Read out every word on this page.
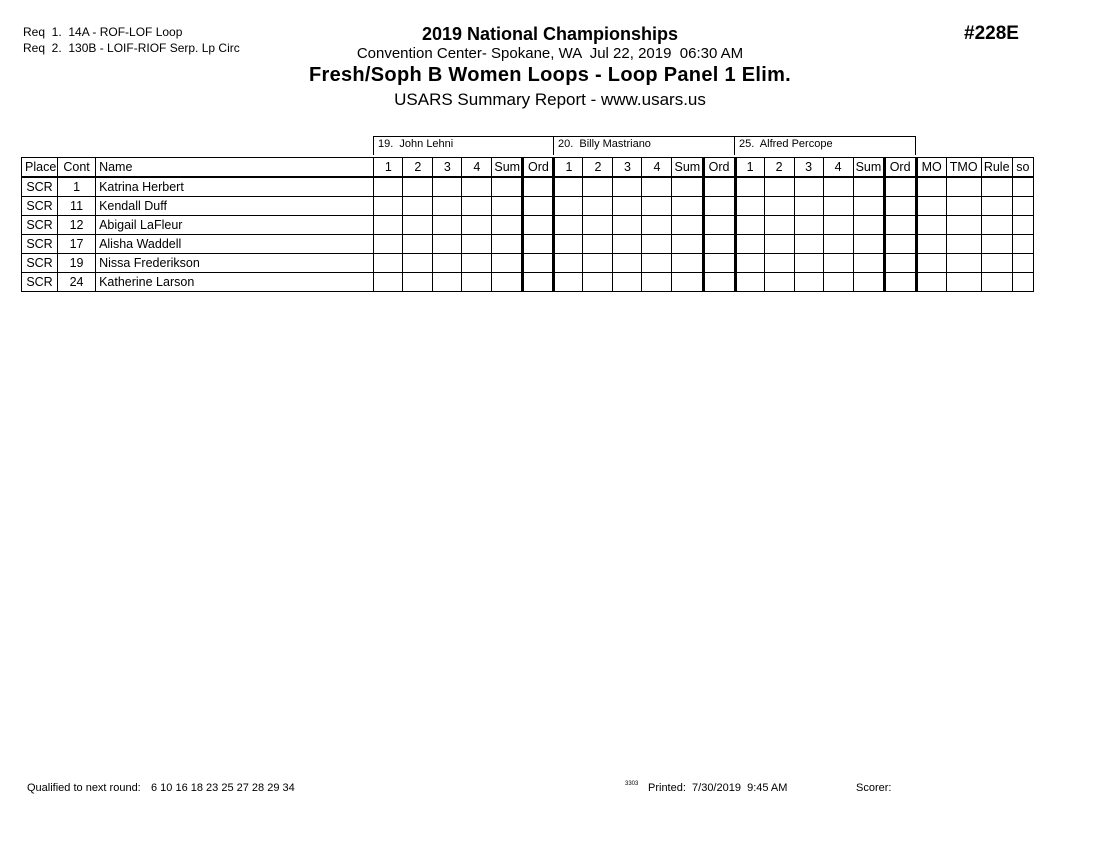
Req  1.  14A - ROF-LOF Loop
Req  2.  130B - LOIF-RIOF Serp. Lp Circ
2019 National Championships
Convention Center- Spokane, WA  Jul 22, 2019  06:30 AM
Fresh/Soph B Women Loops - Loop Panel 1 Elim.
USARS Summary Report - www.usars.us
#228E
19.  John Lehni	20.  Billy Mastriano	25.  Alfred Percope
Place	Cont	Name	1	2	3	4	Sum	Ord	1	2	3	4	Sum	Ord	1	2	3	4	Sum	Ord	MO	TMO	Rule	so
SCR	1	Katrina Herbert																						
SCR	11	Kendall Duff																						
SCR	12	Abigail LaFleur																						
SCR	17	Alisha Waddell																						
SCR	19	Nissa Frederikson																						
SCR	24	Katherine Larson																						
Qualified to next round: 6 10 16 18 23 25 27 28 29 34	3303 Printed:  7/30/2019  9:45 AM	Scorer:
